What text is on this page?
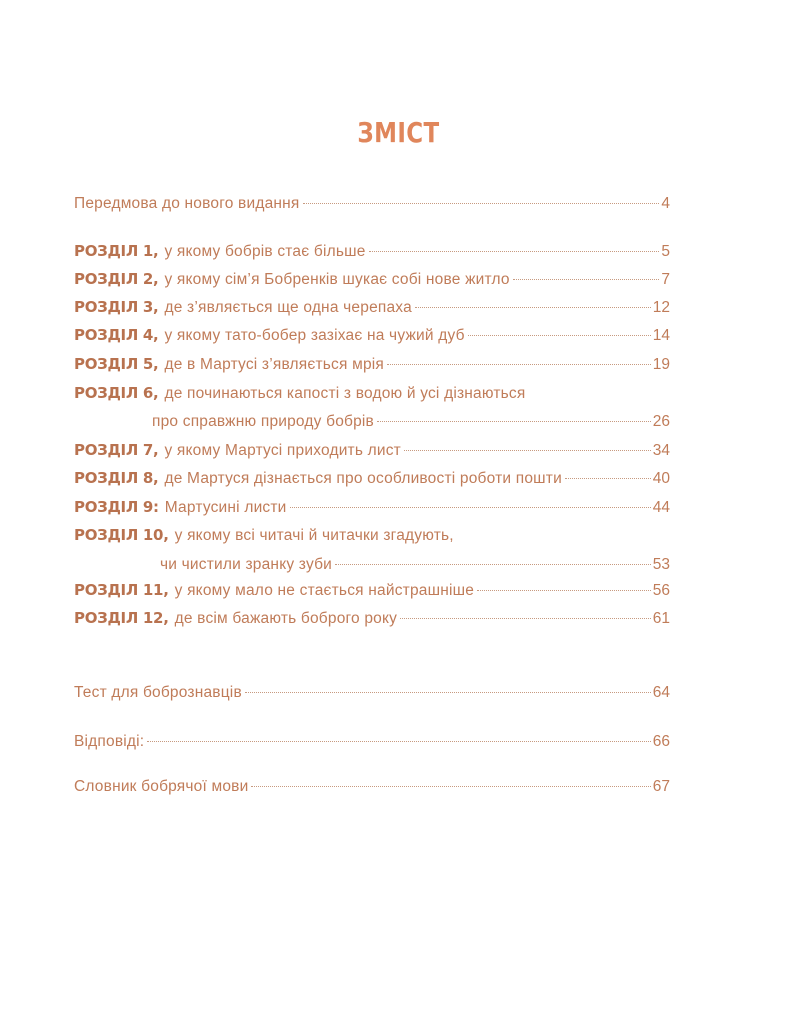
ЗМІСТ
Передмова до нового видання	4
РОЗДІЛ 1, у якому бобрів стає більше	5
РОЗДІЛ 2, у якому сім’я Бобренків шукає собі нове житло	7
РОЗДІЛ 3, де з’являється ще одна черепаха	12
РОЗДІЛ 4, у якому тато-бобер зазіхає на чужий дуб	14
РОЗДІЛ 5, де в Мартусі з’являється мрія	19
РОЗДІЛ 6, де починаються капості з водою й усі дізнаються
про справжню природу бобрів	26
РОЗДІЛ 7, у якому Мартусі приходить лист	34
РОЗДІЛ 8, де Мартуся дізнається про особливості роботи пошти	40
РОЗДІЛ 9: Мартусині листи	44
РОЗДІЛ 10, у якому всі читачі й читачки згадують,
чи чистили зранку зуби	53
РОЗДІЛ 11, у якому мало не стається найстрашніше	56
РОЗДІЛ 12, де всім бажають боброго року	61
Тест для бобрознавців	64
Відповіді:	66
Словник бобрячої мови	67
